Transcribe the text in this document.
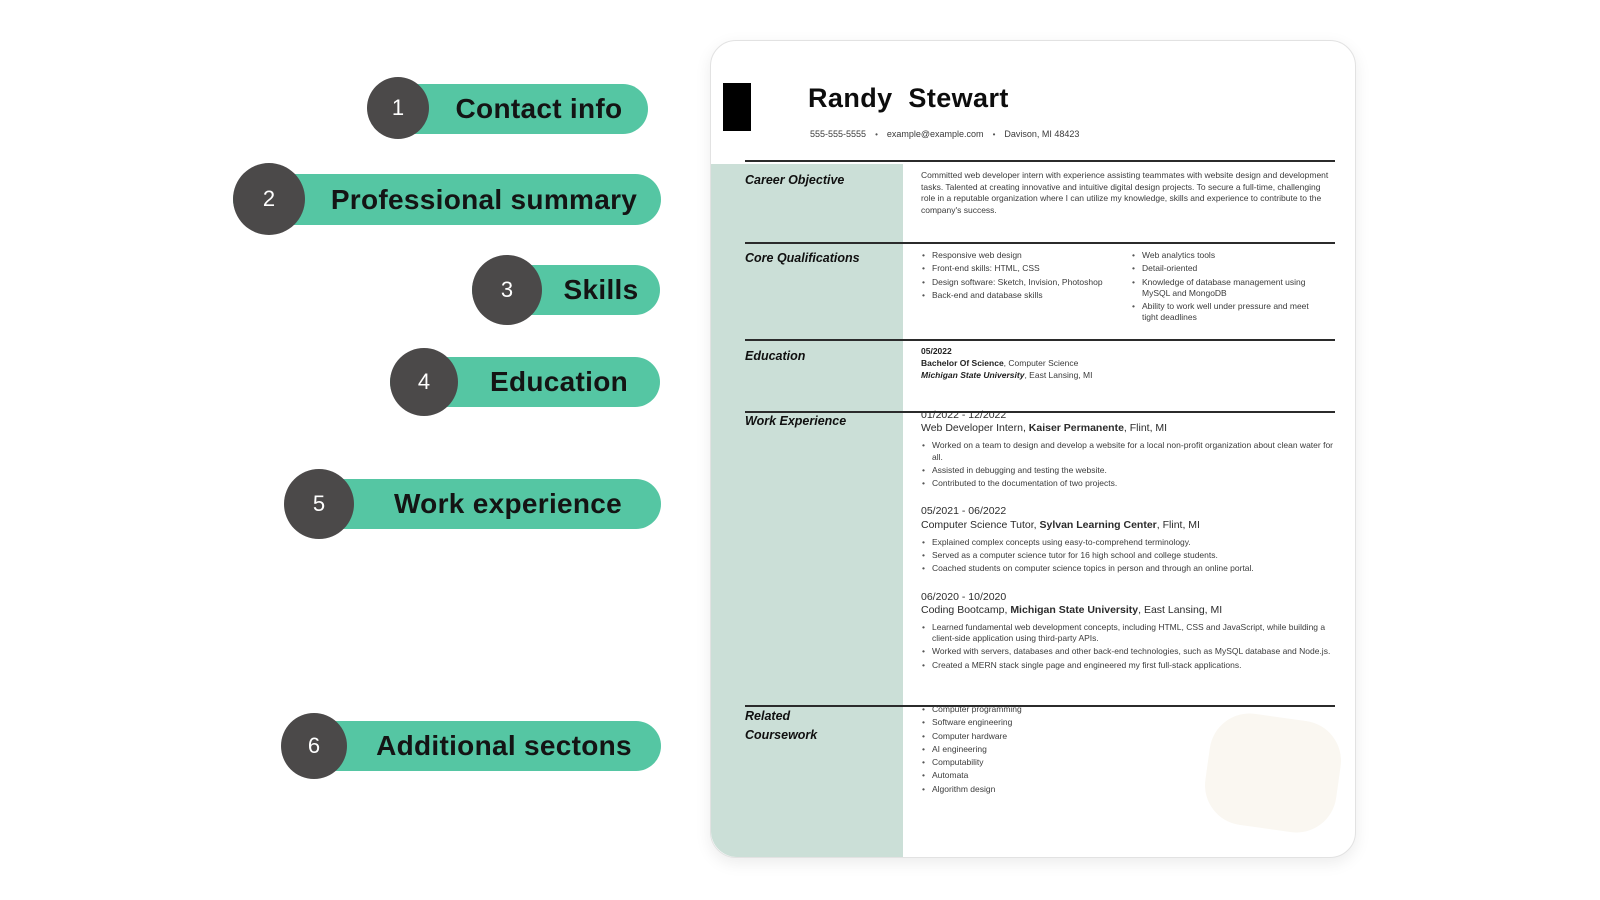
Contact info
1
Professional summary
2
Skills
3
Education
4
Work experience
5
Additional sectons
6
Randy Stewart
555-555-5555 • example@example.com • Davison, MI 48423
Career Objective
Core Qualifications
Education
Work Experience
Related Coursework
Committed web developer intern with experience assisting teammates with website design and development tasks. Talented at creating innovative and intuitive digital design projects. To secure a full-time, challenging role in a reputable organization where I can utilize my knowledge, skills and experience to contribute to the company's success.
• Responsive web design
• Front-end skills: HTML, CSS
• Design software: Sketch, Invision, Photoshop
• Back-end and database skills
• Web analytics tools
• Detail-oriented
• Knowledge of database management using MySQL and MongoDB
• Ability to work well under pressure and meet tight deadlines
05/2022
Bachelor Of Science, Computer Science
Michigan State University, East Lansing, MI
01/2022 - 12/2022
Web Developer Intern, Kaiser Permanente, Flint, MI
• Worked on a team to design and develop a website for a local non-profit organization about clean water for all.
• Assisted in debugging and testing the website.
• Contributed to the documentation of two projects.
05/2021 - 06/2022
Computer Science Tutor, Sylvan Learning Center, Flint, MI
• Explained complex concepts using easy-to-comprehend terminology.
• Served as a computer science tutor for 16 high school and college students.
• Coached students on computer science topics in person and through an online portal.
06/2020 - 10/2020
Coding Bootcamp, Michigan State University, East Lansing, MI
• Learned fundamental web development concepts, including HTML, CSS and JavaScript, while building a client-side application using third-party APIs.
• Worked with servers, databases and other back-end technologies, such as MySQL database and Node.js.
• Created a MERN stack single page and engineered my first full-stack applications.
• Computer programming
• Software engineering
• Computer hardware
• AI engineering
• Computability
• Automata
• Algorithm design
